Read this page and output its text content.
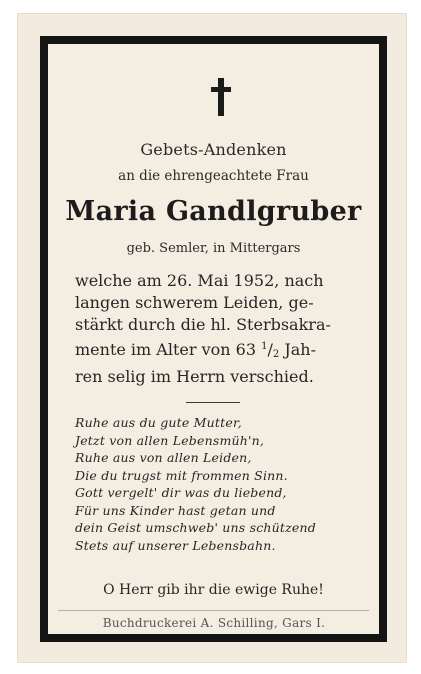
Gebets-Andenken
an die ehrengeachtete Frau
Maria Gandlgruber
geb. Semler, in Mittergars
welche am 26. Mai 1952, nach
langen schwerem Leiden, ge-
stärkt durch die hl. Sterbsakra-
mente im Alter von 63 $^1/_2$ Jah-
ren selig im Herrn verschied.
Ruhe aus du gute Mutter,
Jetzt von allen Lebensmüh'n,
Ruhe aus von allen Leiden,
Die du trugst mit frommen Sinn.
Gott vergelt' dir was du liebend,
Für uns Kinder hast getan und
dein Geist umschweb' uns schützend
Stets auf unserer Lebensbahn.
O Herr gib ihr die ewige Ruhe!
Buchdruckerei A. Schilling, Gars I.
